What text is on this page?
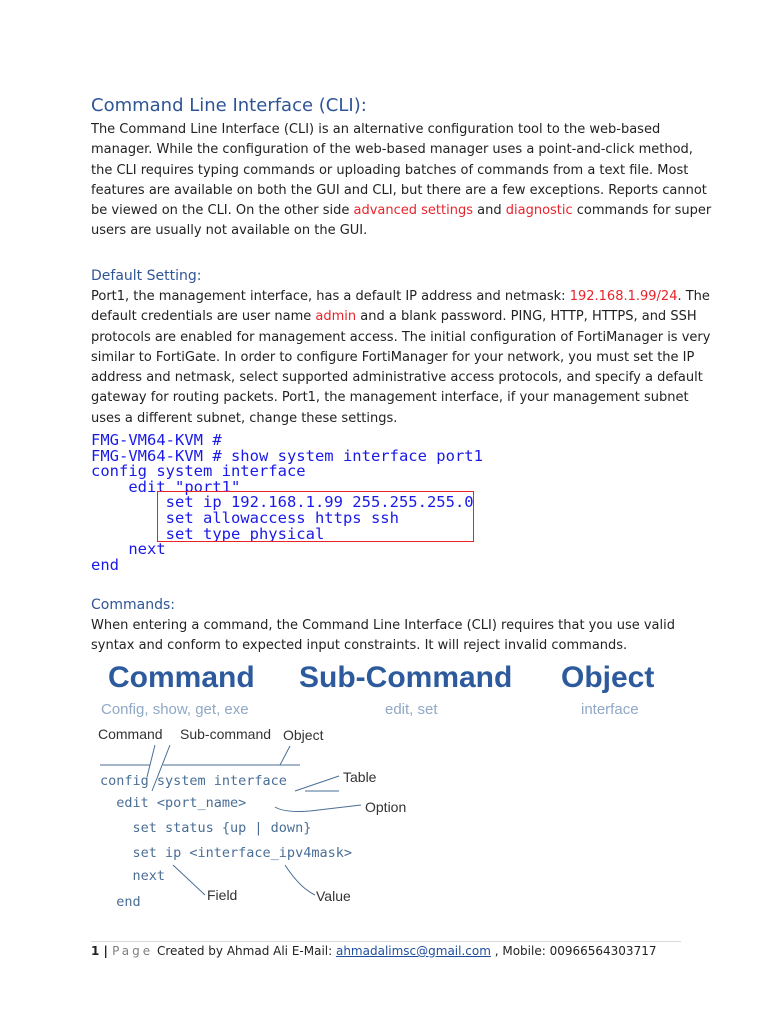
Command Line Interface (CLI):
The Command Line Interface (CLI) is an alternative configuration tool to the web-based
manager. While the configuration of the web-based manager uses a point-and-click method,
the CLI requires typing commands or uploading batches of commands from a text file. Most
features are available on both the GUI and CLI, but there are a few exceptions. Reports cannot
be viewed on the CLI. On the other side advanced settings and diagnostic commands for super
users are usually not available on the GUI.
Default Setting:
Port1, the management interface, has a default IP address and netmask: 192.168.1.99/24. The
default credentials are user name admin and a blank password. PING, HTTP, HTTPS, and SSH
protocols are enabled for management access. The initial configuration of FortiManager is very
similar to FortiGate. In order to configure FortiManager for your network, you must set the IP
address and netmask, select supported administrative access protocols, and specify a default
gateway for routing packets. Port1, the management interface, if your management subnet
uses a different subnet, change these settings.
FMG-VM64-KVM #
FMG-VM64-KVM # show system interface port1
config system interface
edit "port1"
set ip 192.168.1.99 255.255.255.0
set allowaccess https ssh
set type physical
next
end
Commands:
When entering a command, the Command Line Interface (CLI) requires that you use valid
syntax and conform to expected input constraints. It will reject invalid commands.
Command Sub-Command Object
Config, show, get, exe	edit, set	interface
Command Sub-command Object
Table
Option
Field	Value
config system interface
edit <port_name>
set status {up | down}
set ip <interface_ipv4mask>
next
end
1 | Page Created by Ahmad Ali E-Mail: ahmadalimsc@gmail.com , Mobile: 00966564303717
